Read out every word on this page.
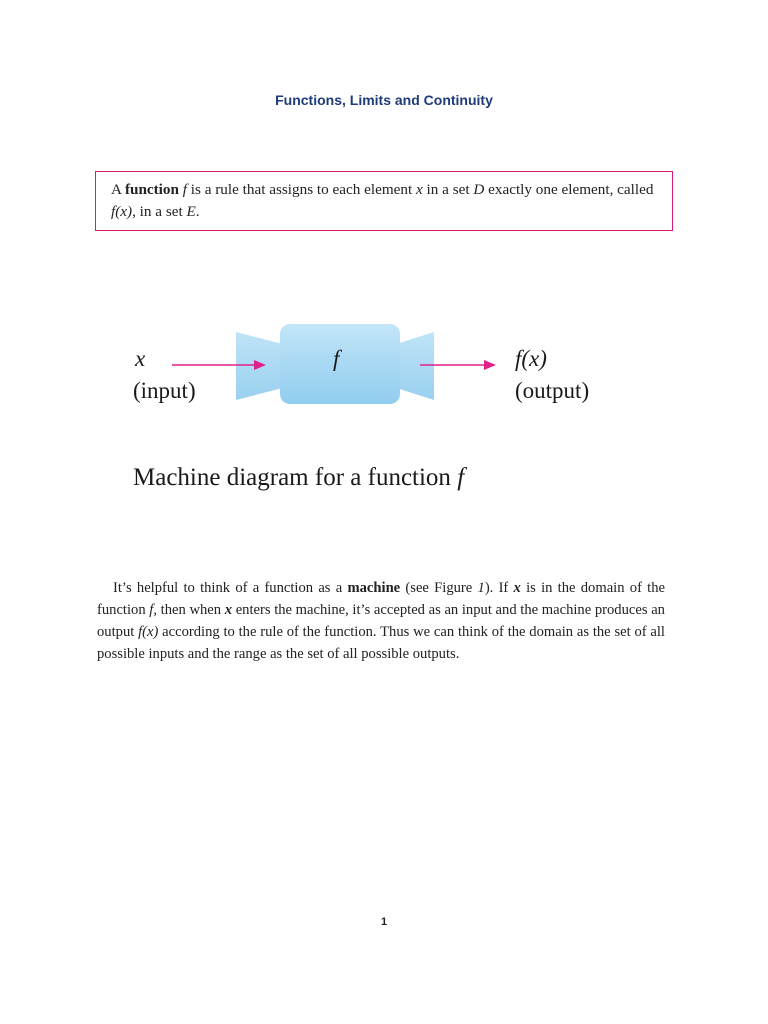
Functions, Limits and Continuity
A function f is a rule that assigns to each element x in a set D exactly one element, called f(x), in a set E.
x
(input)
f	f(x)
(output)
Machine diagram for a function f
It’s helpful to think of a function as a machine (see Figure 1). If x is in the domain of the function f, then when x enters the machine, it’s accepted as an input and the machine produces an output f(x) according to the rule of the function. Thus we can think of the domain as the set of all possible inputs and the range as the set of all possible outputs.
1
